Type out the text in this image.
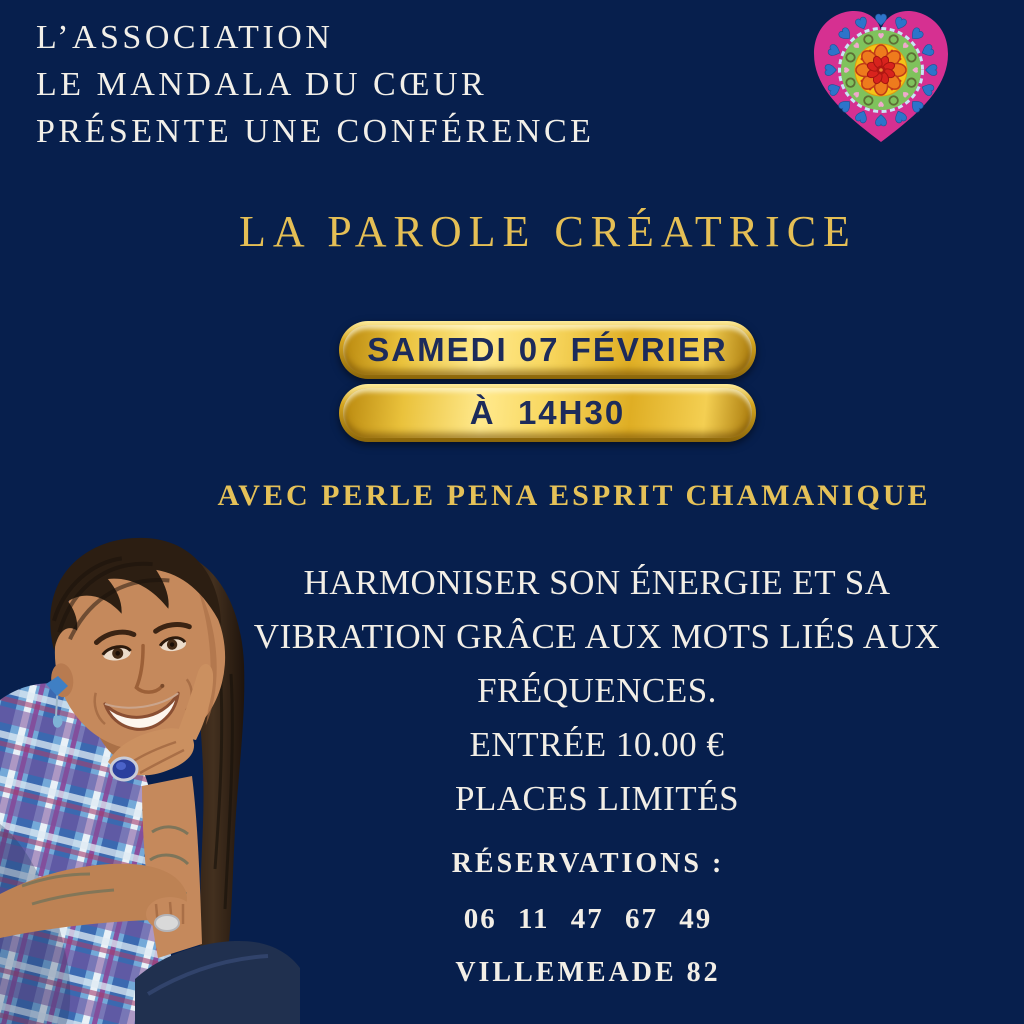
L’ASSOCIATION
LE MANDALA DU CŒUR
PRÉSENTE UNE CONFÉRENCE
LA PAROLE CRÉATRICE
SAMEDI 07 FÉVRIER
À  14H30
AVEC PERLE PENA ESPRIT CHAMANIQUE
HARMONISER SON ÉNERGIE ET SA
VIBRATION GRÂCE AUX MOTS LIÉS AUX
FRÉQUENCES.
ENTRÉE 10.00 €
PLACES LIMITÉS
RÉSERVATIONS :
06 11 47 67 49
VILLEMEADE 82
